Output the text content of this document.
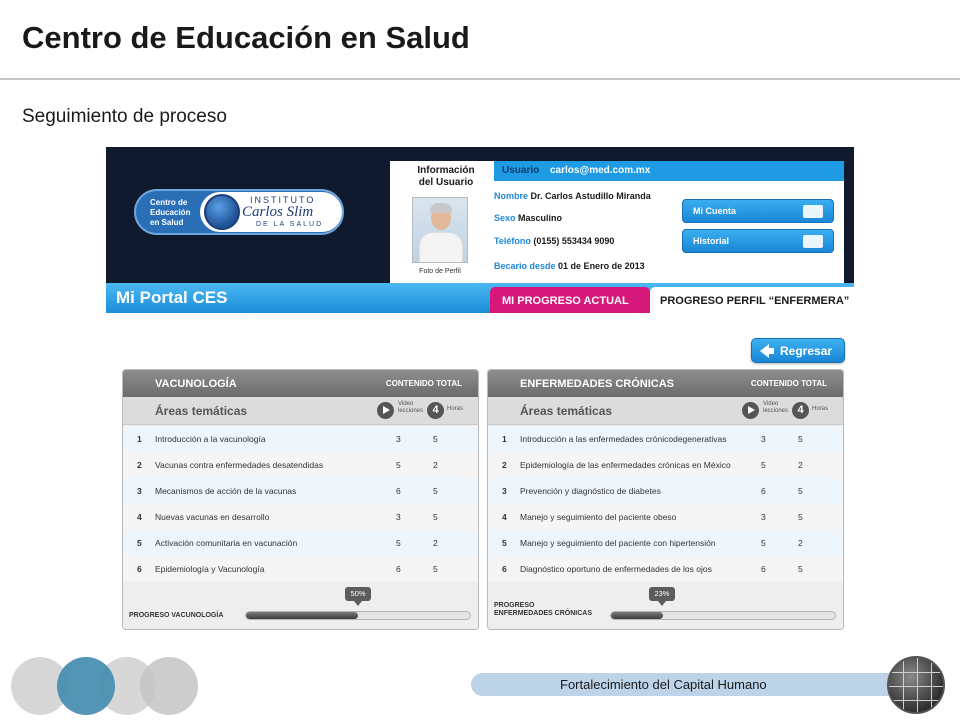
Centro de Educación en Salud
Seguimiento de proceso
Centro de
Educación
en Salud
INSTITUTO
Carlos Slim
DE LA SALUD
Información
del Usuario
Foto de Perfil
Usuario carlos@med.com.mx
Nombre Dr. Carlos Astudillo Miranda
Sexo Masculino
Teléfono (0155) 553434 9090
Becario desde 01 de Enero de 2013
Mi Cuenta
Historial
Mi Portal CES	MI PROGRESO ACTUAL	PROGRESO PERFIL “ENFERMERA”
Regresar
VACUNOLOGÍA	CONTENIDO TOTAL
Áreas temáticas	Video
lecciones 4	Horas
1 Introducción a la vacunología	3	5
2 Vacunas contra enfermedades desatendidas	5	2
3 Mecanismos de acción de la vacunas	6	5
4 Nuevas vacunas en desarrollo	3	5
5 Activación comunitaria en vacunación	5	2
6 Epidemiología y Vacunología	6	5
PROGRESO VACUNOLOGÍA
50%
ENFERMEDADES CRÓNICAS	CONTENIDO TOTAL
Áreas temáticas	Video
lecciones 4	Horas
1 Introducción a las enfermedades crónicodegenerativas	3	5
2 Epidemiología de las enfermedades crónicas en México	5	2
3 Prevención y diagnóstico de diabetes	6	5
4 Manejo y seguimiento del paciente obeso	3	5
5 Manejo y seguimiento del paciente con hipertensión	5	2
6 Diagnóstico oportuno de enfermedades de los ojos	6	5
PROGRESO
ENFERMEDADES CRÓNICAS
23%
Fortalecimiento del Capital Humano
